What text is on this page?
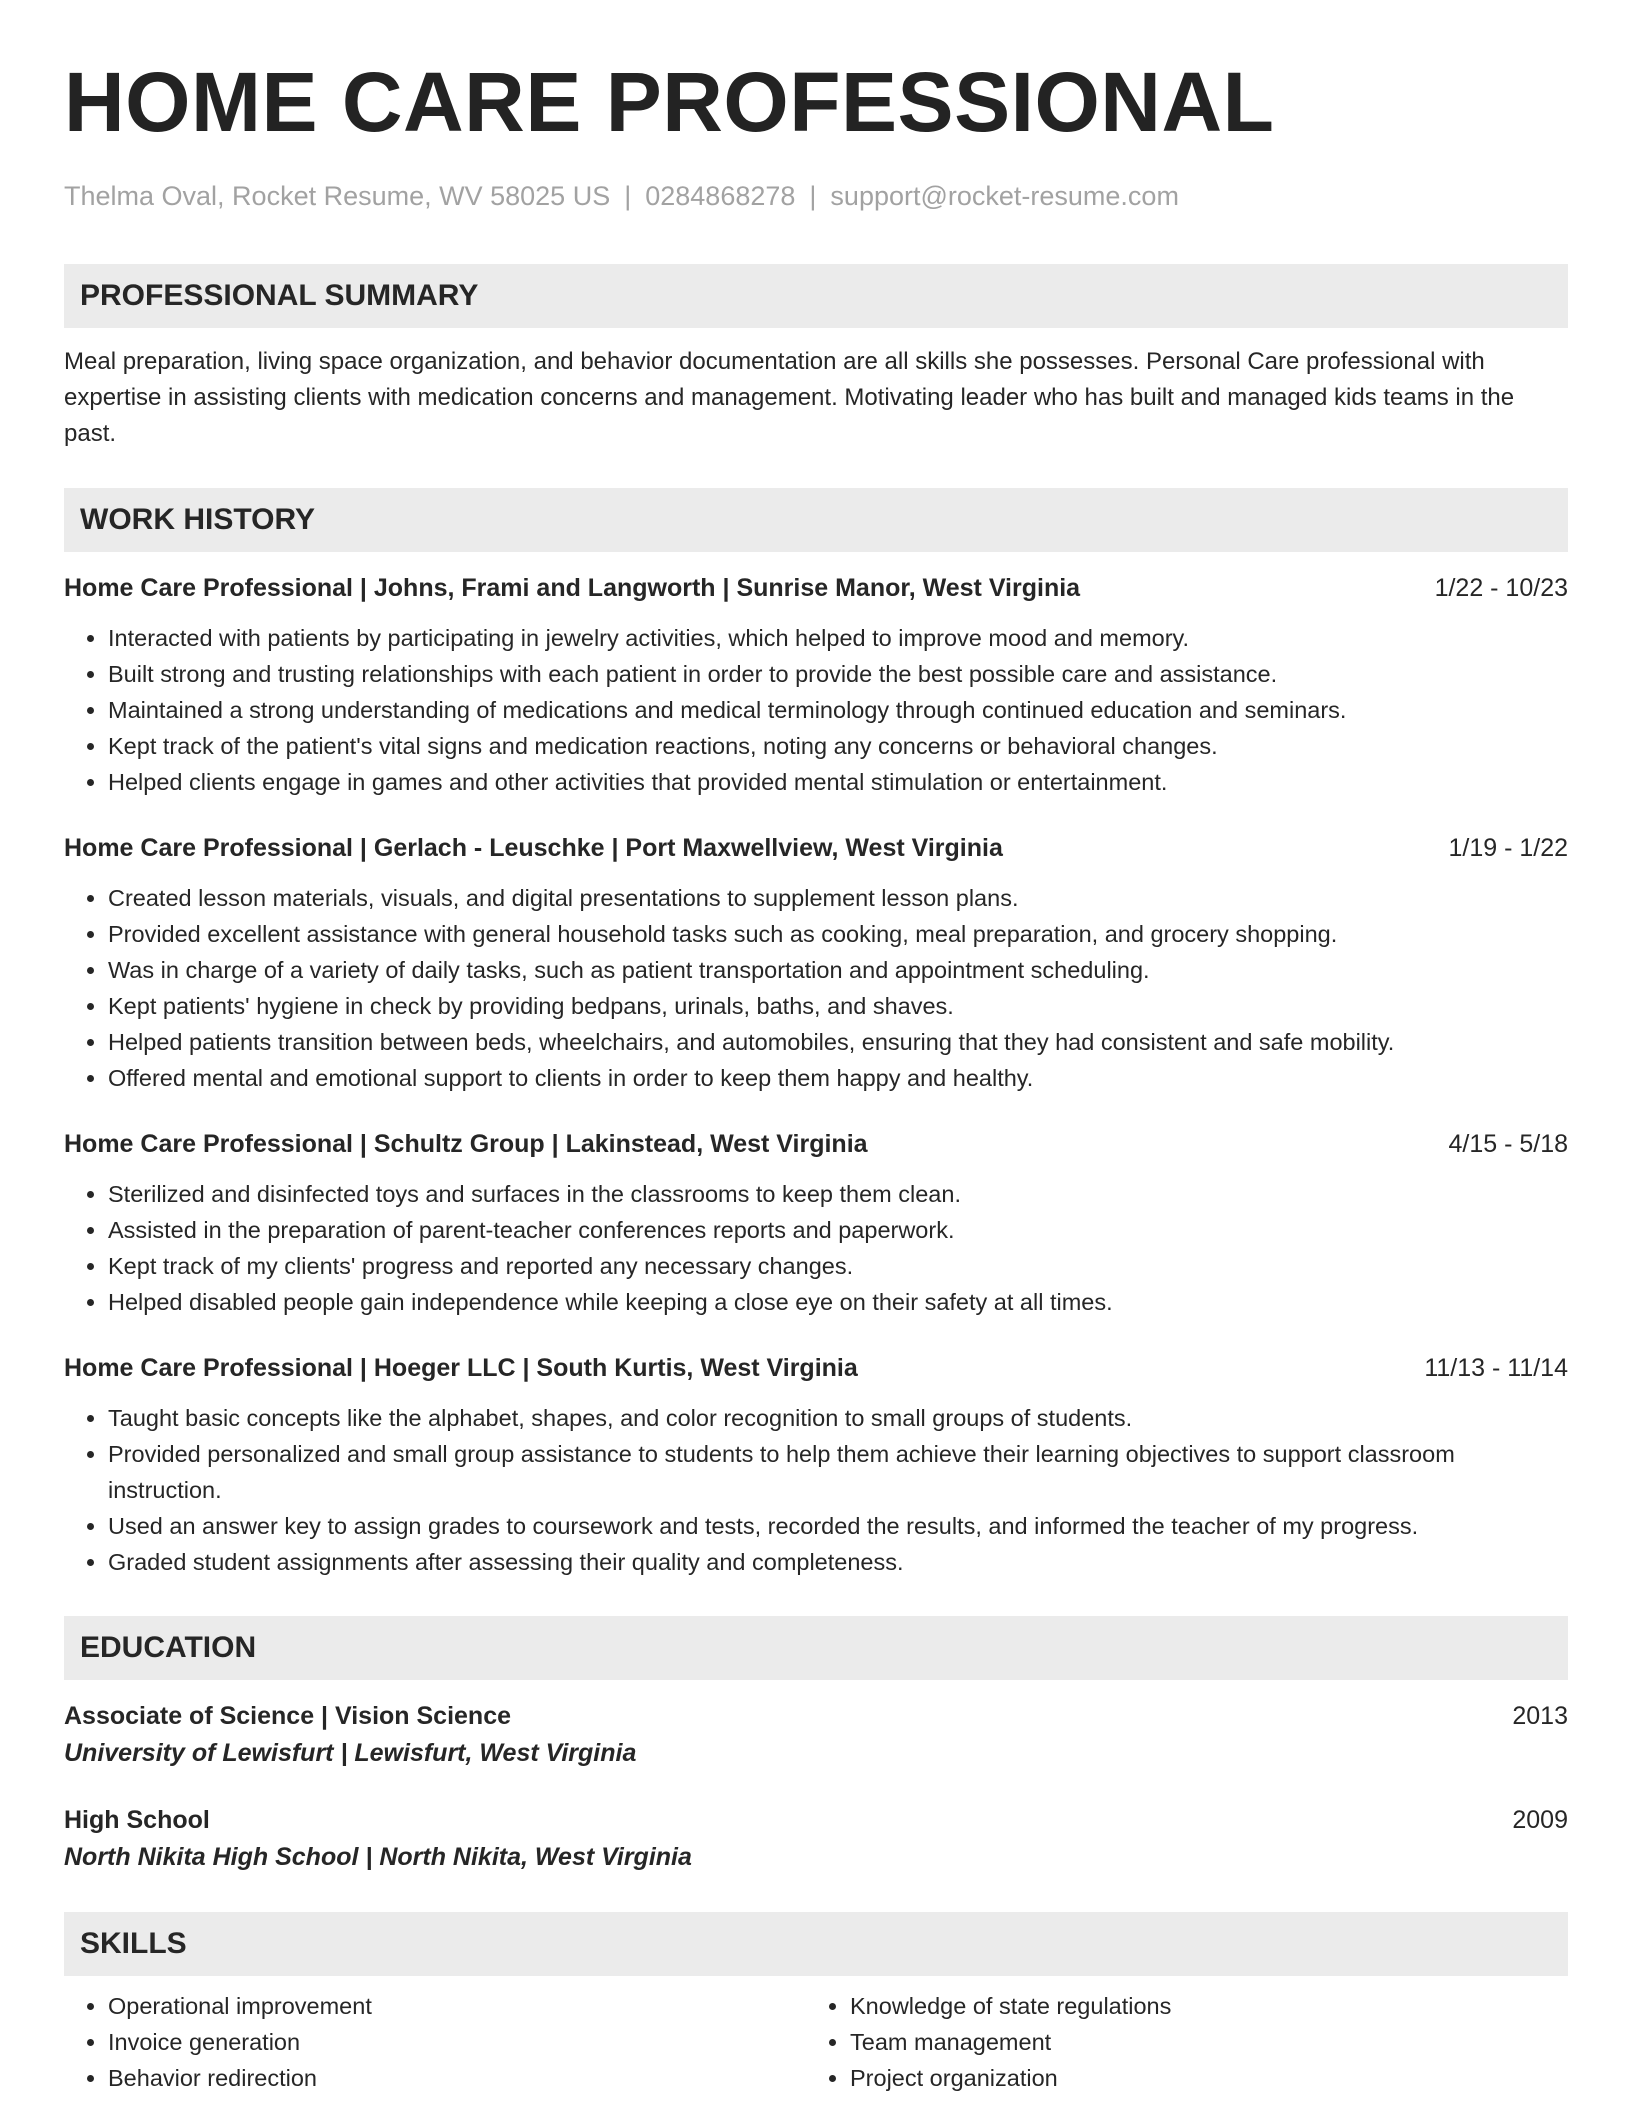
HOME CARE PROFESSIONAL
Thelma Oval, Rocket Resume, WV 58025 US | 0284868278 | support@rocket-resume.com
PROFESSIONAL SUMMARY
Meal preparation, living space organization, and behavior documentation are all skills she possesses. Personal Care professional with expertise in assisting clients with medication concerns and management. Motivating leader who has built and managed kids teams in the past.
WORK HISTORY
Home Care Professional | Johns, Frami and Langworth | Sunrise Manor, West Virginia	1/22 - 10/23
• Interacted with patients by participating in jewelry activities, which helped to improve mood and memory.
• Built strong and trusting relationships with each patient in order to provide the best possible care and assistance.
• Maintained a strong understanding of medications and medical terminology through continued education and seminars.
• Kept track of the patient's vital signs and medication reactions, noting any concerns or behavioral changes.
• Helped clients engage in games and other activities that provided mental stimulation or entertainment.
Home Care Professional | Gerlach - Leuschke | Port Maxwellview, West Virginia	1/19 - 1/22
• Created lesson materials, visuals, and digital presentations to supplement lesson plans.
• Provided excellent assistance with general household tasks such as cooking, meal preparation, and grocery shopping.
• Was in charge of a variety of daily tasks, such as patient transportation and appointment scheduling.
• Kept patients' hygiene in check by providing bedpans, urinals, baths, and shaves.
• Helped patients transition between beds, wheelchairs, and automobiles, ensuring that they had consistent and safe mobility.
• Offered mental and emotional support to clients in order to keep them happy and healthy.
Home Care Professional | Schultz Group | Lakinstead, West Virginia	4/15 - 5/18
• Sterilized and disinfected toys and surfaces in the classrooms to keep them clean.
• Assisted in the preparation of parent-teacher conferences reports and paperwork.
• Kept track of my clients' progress and reported any necessary changes.
• Helped disabled people gain independence while keeping a close eye on their safety at all times.
Home Care Professional | Hoeger LLC | South Kurtis, West Virginia	11/13 - 11/14
• Taught basic concepts like the alphabet, shapes, and color recognition to small groups of students.
• Provided personalized and small group assistance to students to help them achieve their learning objectives to support classroom instruction.
• Used an answer key to assign grades to coursework and tests, recorded the results, and informed the teacher of my progress.
• Graded student assignments after assessing their quality and completeness.
EDUCATION
Associate of Science | Vision Science	2013
University of Lewisfurt | Lewisfurt, West Virginia
High School	2009
North Nikita High School | North Nikita, West Virginia
SKILLS
• Operational improvement
• Invoice generation
• Behavior redirection
• Knowledge of state regulations
• Team management
• Project organization
